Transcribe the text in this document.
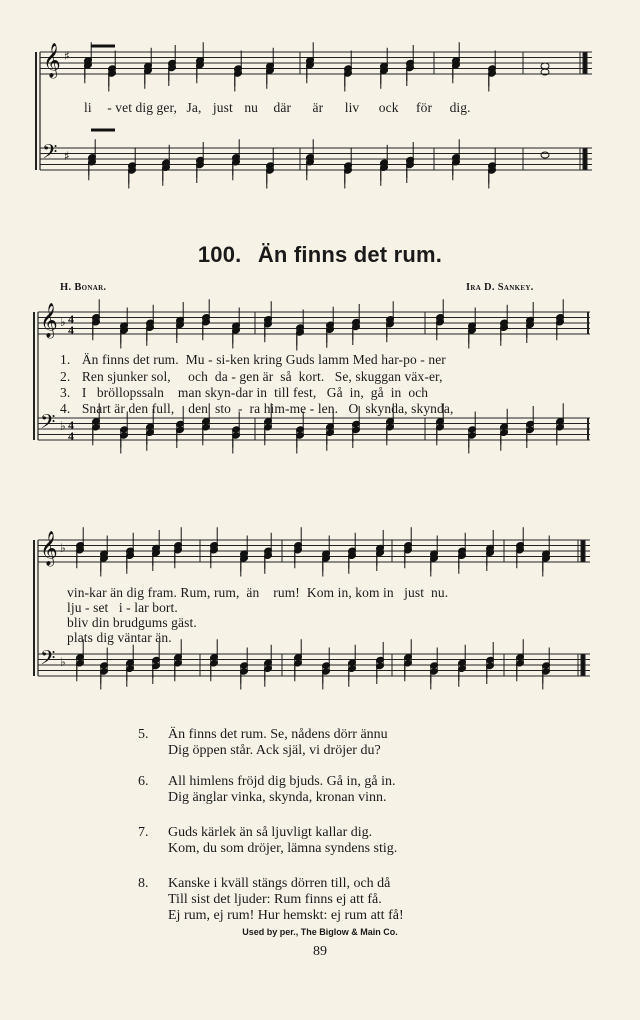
𝄞 ♯
𝄢 ♯
𝄞 ♭ 4
4
𝄢 ♭ 4
4
𝄞 ♭
𝄢 ♭
li - vet dig ger, Ja, just nu där är liv ock för dig.
100. Än finns det rum.
H. Bonar.	Ira D. Sankey.
1. Än finns det rum.  Mu - si-ken kring Guds lamm Med har-po - ner
2. Ren sjunker sol,     och  da - gen är  så  kort.   Se, skuggan väx-er,
3. I   bröllopssaln    man skyn-dar in  till fest,   Gå  in,  gå  in  och
4. Snart är den full,    den  sto  -  ra him-me - len.   O  skynda, skynda,
vin-kar än dig fram. Rum, rum,  än    rum!  Kom in, kom in   just  nu.
lju - set   i - lar bort.
bliv din brudgums gäst.
plats dig väntar än.
5. Än finns det rum. Se, nådens dörr ännu
Dig öppen står. Ack själ, vi dröjer du?
6. All himlens fröjd dig bjuds. Gå in, gå in.
Dig änglar vinka, skynda, kronan vinn.
7. Guds kärlek än så ljuvligt kallar dig.
Kom, du som dröjer, lämna syndens stig.
8. Kanske i kväll stängs dörren till, och då
Till sist det ljuder: Rum finns ej att få.
Ej rum, ej rum! Hur hemskt: ej rum att få!
Used by per., The Biglow & Main Co.
89
